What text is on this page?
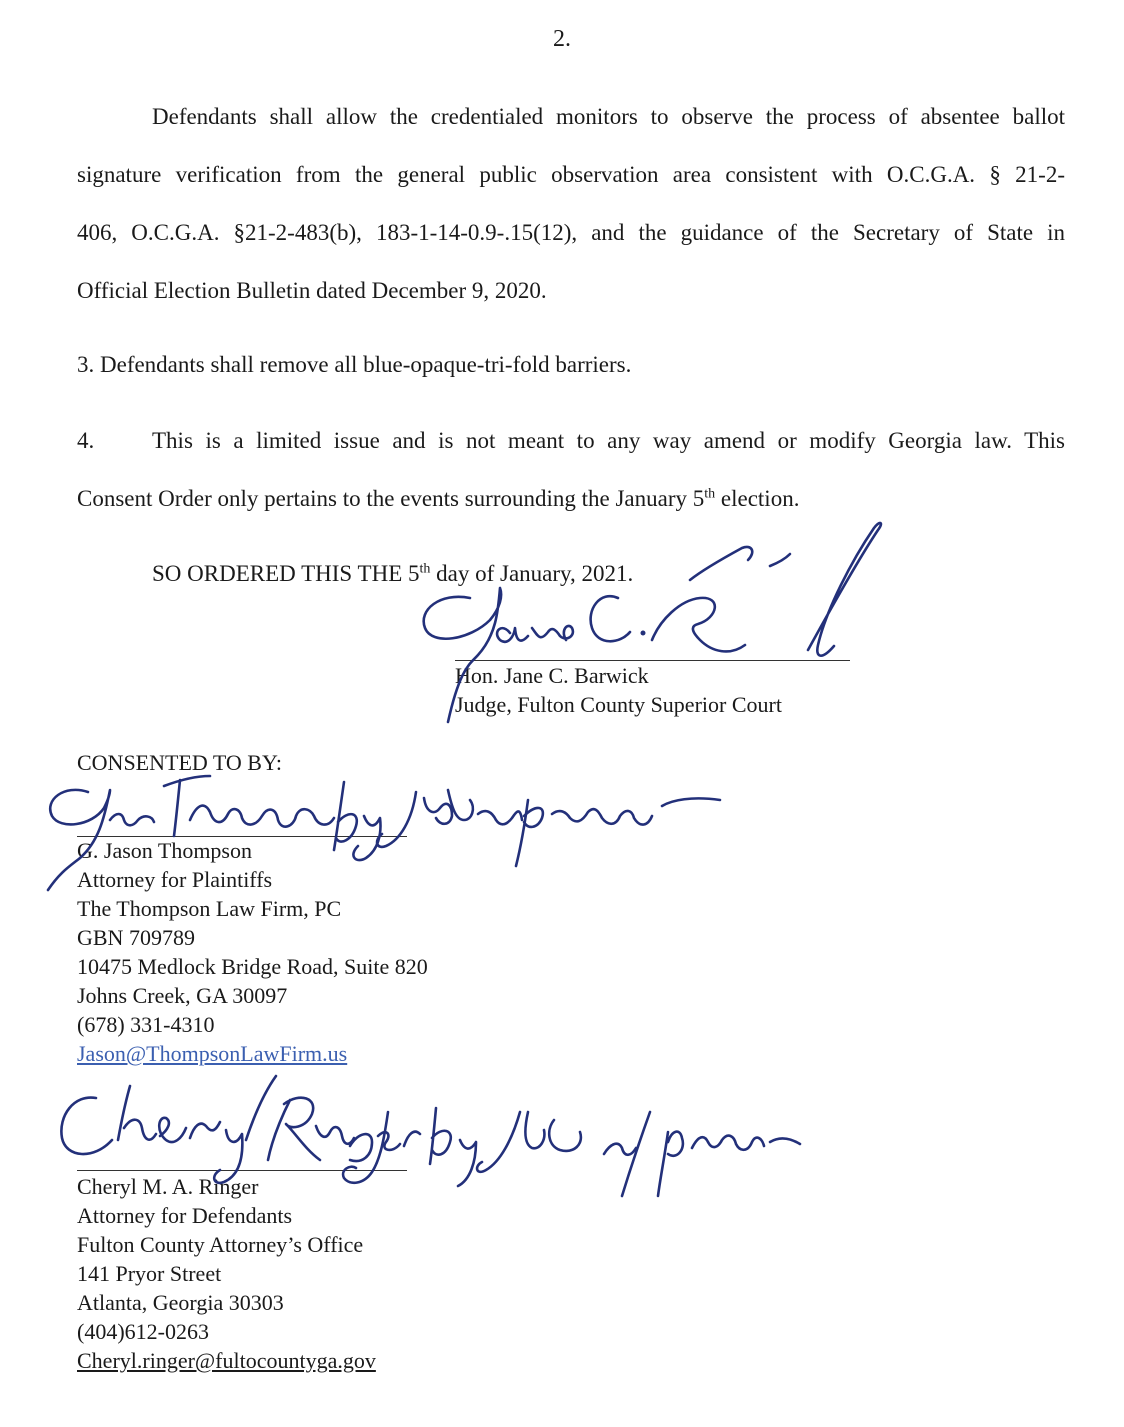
2.
Defendants shall allow the credentialed monitors to observe the process of absentee ballot
signature verification from the general public observation area consistent with O.C.G.A. § 21-2-
406, O.C.G.A. §21-2-483(b), 183-1-14-0.9-.15(12), and the guidance of the Secretary of State in
Official Election Bulletin dated December 9, 2020.
3. Defendants shall remove all blue-opaque-tri-fold barriers.
4.	This is a limited issue and is not meant to any way amend or modify Georgia law. This
Consent Order only pertains to the events surrounding the January 5th election.
SO ORDERED THIS THE 5th day of January, 2021.
Hon. Jane C. Barwick
Judge, Fulton County Superior Court
CONSENTED TO BY:
G. Jason Thompson
Attorney for Plaintiffs
The Thompson Law Firm, PC
GBN 709789
10475 Medlock Bridge Road, Suite 820
Johns Creek, GA 30097
(678) 331-4310
Jason@ThompsonLawFirm.us
Cheryl M. A. Ringer
Attorney for Defendants
Fulton County Attorney’s Office
141 Pryor Street
Atlanta, Georgia 30303
(404)612-0263
Cheryl.ringer@fultocountyga.gov
